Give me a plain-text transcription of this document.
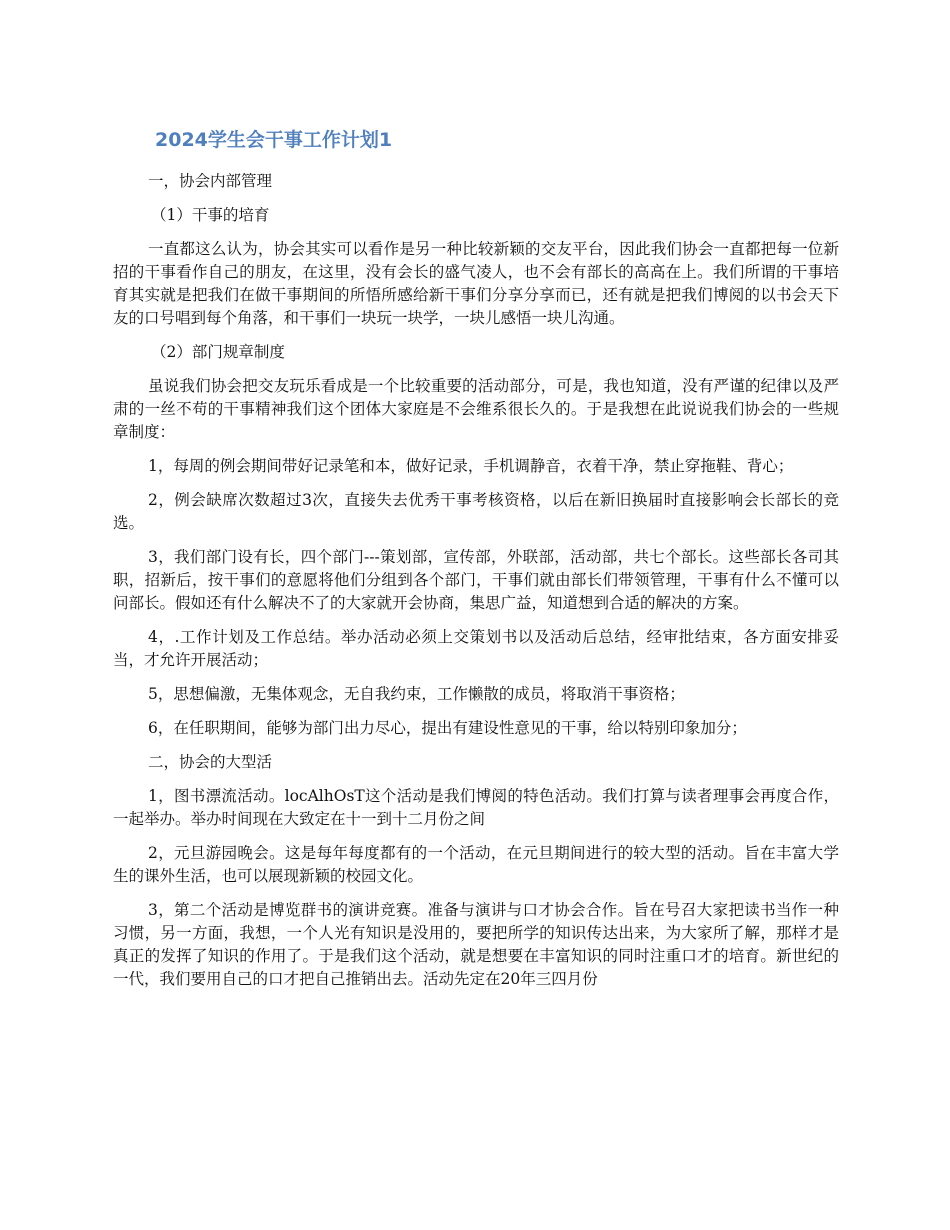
2024学生会干事工作计划1

一，协会内部管理

（1）干事的培育

一直都这么认为，协会其实可以看作是另一种比较新颖的交友平台，因此我们协会一直都把每一位新招的干事看作自己的朋友，在这里，没有会长的盛气凌人，也不会有部长的高高在上。我们所谓的干事培育其实就是把我们在做干事期间的所悟所感给新干事们分享分享而已，还有就是把我们博阅的以书会天下友的口号唱到每个角落，和干事们一块玩一块学，一块儿感悟一块儿沟通。

（2）部门规章制度

虽说我们协会把交友玩乐看成是一个比较重要的活动部分，可是，我也知道，没有严谨的纪律以及严肃的一丝不苟的干事精神我们这个团体大家庭是不会维系很长久的。于是我想在此说说我们协会的一些规章制度：

1，每周的例会期间带好记录笔和本，做好记录，手机调静音，衣着干净，禁止穿拖鞋、背心；

2，例会缺席次数超过3次，直接失去优秀干事考核资格，以后在新旧换届时直接影响会长部长的竞选。

3，我们部门设有长，四个部门---策划部，宣传部，外联部，活动部，共七个部长。这些部长各司其职，招新后，按干事们的意愿将他们分组到各个部门，干事们就由部长们带领管理，干事有什么不懂可以问部长。假如还有什么解决不了的大家就开会协商，集思广益，知道想到合适的解决的方案。

4，.工作计划及工作总结。举办活动必须上交策划书以及活动后总结，经审批结束，各方面安排妥当，才允许开展活动；

5，思想偏激，无集体观念，无自我约束，工作懒散的成员，将取消干事资格；

6，在任职期间，能够为部门出力尽心，提出有建设性意见的干事，给以特别印象加分；

二，协会的大型活

1，图书漂流活动。locAlhOsT这个活动是我们博阅的特色活动。我们打算与读者理事会再度合作，一起举办。举办时间现在大致定在十一到十二月份之间

2，元旦游园晚会。这是每年每度都有的一个活动，在元旦期间进行的较大型的活动。旨在丰富大学生的课外生活，也可以展现新颖的校园文化。

3，第二个活动是博览群书的演讲竞赛。准备与演讲与口才协会合作。旨在号召大家把读书当作一种习惯，另一方面，我想，一个人光有知识是没用的，要把所学的知识传达出来，为大家所了解，那样才是真正的发挥了知识的作用了。于是我们这个活动，就是想要在丰富知识的同时注重口才的培育。新世纪的一代，我们要用自己的口才把自己推销出去。活动先定在20年三四月份
